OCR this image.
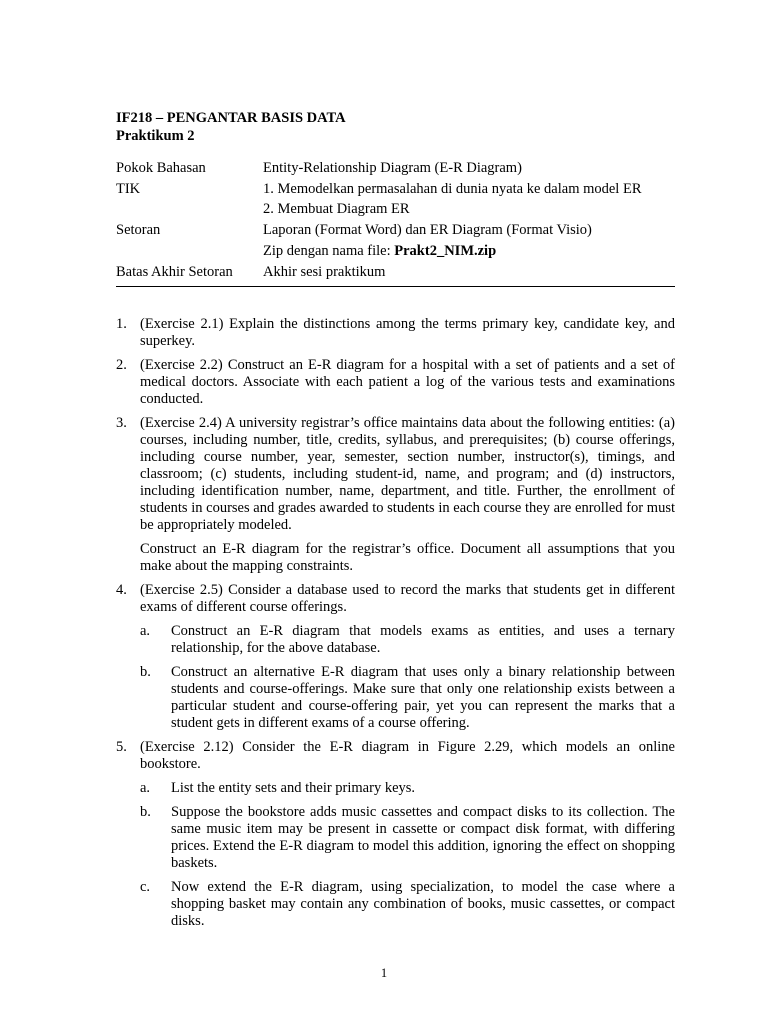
IF218 – PENGANTAR BASIS DATA
Praktikum 2
Pokok Bahasan	Entity-Relationship Diagram (E-R Diagram)
TIK	1. Memodelkan permasalahan di dunia nyata ke dalam model ER
2. Membuat Diagram ER
Setoran	Laporan (Format Word) dan ER Diagram (Format Visio)
Zip dengan nama file: Prakt2_NIM.zip
Batas Akhir Setoran	Akhir sesi praktikum
1. (Exercise 2.1) Explain the distinctions among the terms primary key, candidate key, and superkey.

2. (Exercise 2.2) Construct an E-R diagram for a hospital with a set of patients and a set of medical doctors. Associate with each patient a log of the various tests and examinations conducted.

3. (Exercise 2.4) A university registrar’s office maintains data about the following entities: (a) courses, including number, title, credits, syllabus, and prerequisites; (b) course offerings, including course number, year, semester, section number, instructor(s), timings, and classroom; (c) students, including student-id, name, and program; and (d) instructors, including identification number, name, department, and title. Further, the enrollment of students in courses and grades awarded to students in each course they are enrolled for must be appropriately modeled.

Construct an E-R diagram for the registrar’s office. Document all assumptions that you make about the mapping constraints.

4. (Exercise 2.5) Consider a database used to record the marks that students get in different exams of different course offerings.

a.	Construct an E-R diagram that models exams as entities, and uses a ternary relationship, for the above database.
b.	Construct an alternative E-R diagram that uses only a binary relationship between students and course-offerings. Make sure that only one relationship exists between a particular student and course-offering pair, yet you can represent the marks that a student gets in different exams of a course offering.
5. (Exercise 2.12) Consider the E-R diagram in Figure 2.29, which models an online bookstore.

a.	List the entity sets and their primary keys.
b.	Suppose the bookstore adds music cassettes and compact disks to its collection. The same music item may be present in cassette or compact disk format, with differing prices. Extend the E-R diagram to model this addition, ignoring the effect on shopping baskets.
c.	Now extend the E-R diagram, using specialization, to model the case where a shopping basket may contain any combination of books, music cassettes, or compact disks.
1
